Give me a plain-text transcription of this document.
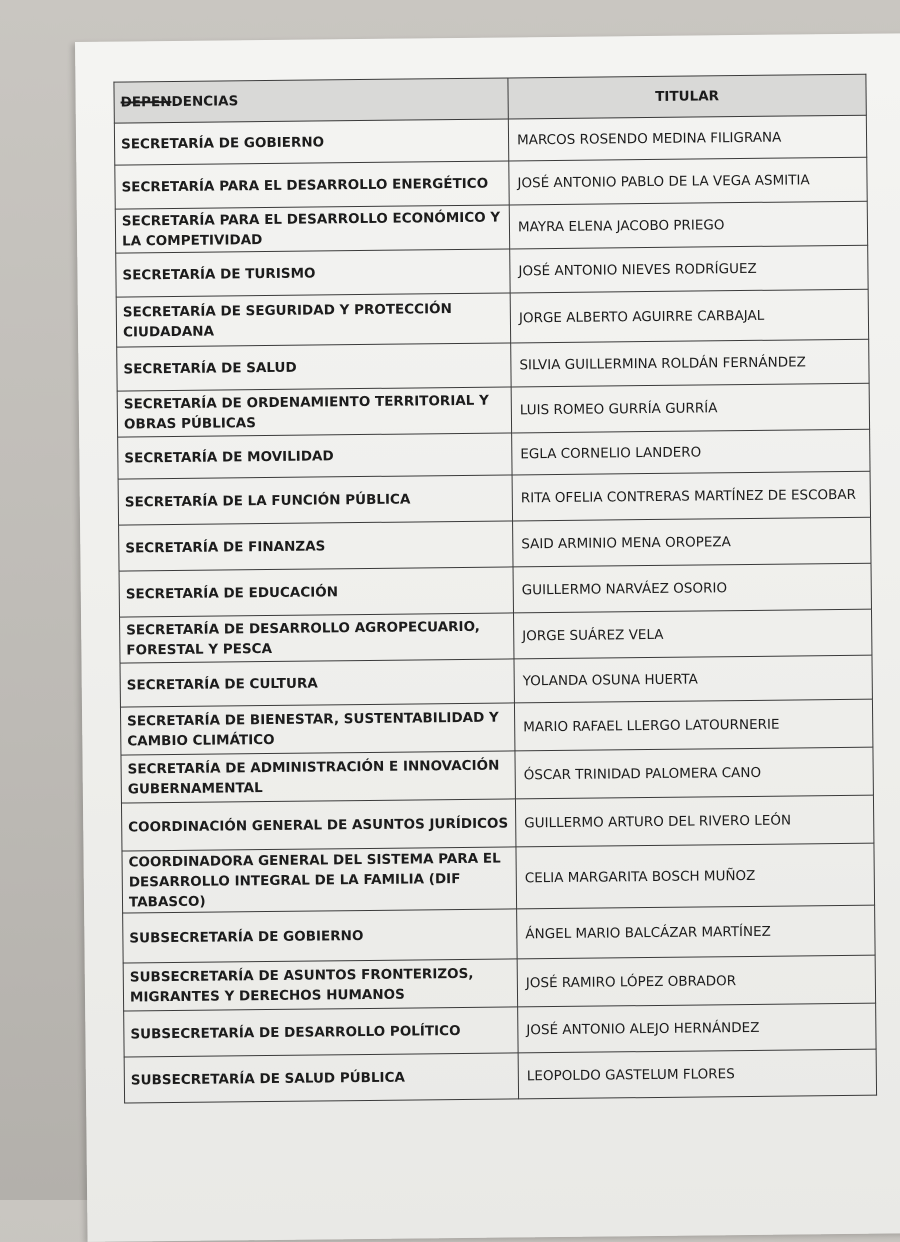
DEPENDENCIAS	TITULAR
SECRETARÍA DE GOBIERNO	MARCOS ROSENDO MEDINA FILIGRANA
SECRETARÍA PARA EL DESARROLLO ENERGÉTICO	JOSÉ ANTONIO PABLO DE LA VEGA ASMITIA
SECRETARÍA PARA EL DESARROLLO ECONÓMICO Y LA COMPETIVIDAD	MAYRA ELENA JACOBO PRIEGO
SECRETARÍA DE TURISMO	JOSÉ ANTONIO NIEVES RODRÍGUEZ
SECRETARÍA DE SEGURIDAD Y PROTECCIÓN CIUDADANA	JORGE ALBERTO AGUIRRE CARBAJAL
SECRETARÍA DE SALUD	SILVIA GUILLERMINA ROLDÁN FERNÁNDEZ
SECRETARÍA DE ORDENAMIENTO TERRITORIAL Y OBRAS PÚBLICAS	LUIS ROMEO GURRÍA GURRÍA
SECRETARÍA DE MOVILIDAD	EGLA CORNELIO LANDERO
SECRETARÍA DE LA FUNCIÓN PÚBLICA	RITA OFELIA CONTRERAS MARTÍNEZ DE ESCOBAR
SECRETARÍA DE FINANZAS	SAID ARMINIO MENA OROPEZA
SECRETARÍA DE EDUCACIÓN	GUILLERMO NARVÁEZ OSORIO
SECRETARÍA DE DESARROLLO AGROPECUARIO, FORESTAL Y PESCA	JORGE SUÁREZ VELA
SECRETARÍA DE CULTURA	YOLANDA OSUNA HUERTA
SECRETARÍA DE BIENESTAR, SUSTENTABILIDAD Y CAMBIO CLIMÁTICO	MARIO RAFAEL LLERGO LATOURNERIE
SECRETARÍA DE ADMINISTRACIÓN E INNOVACIÓN GUBERNAMENTAL	ÓSCAR TRINIDAD PALOMERA CANO
COORDINACIÓN GENERAL DE ASUNTOS JURÍDICOS	GUILLERMO ARTURO DEL RIVERO LEÓN
COORDINADORA GENERAL DEL SISTEMA PARA EL DESARROLLO INTEGRAL DE LA FAMILIA (DIF TABASCO)	CELIA MARGARITA BOSCH MUÑOZ
SUBSECRETARÍA DE GOBIERNO	ÁNGEL MARIO BALCÁZAR MARTÍNEZ
SUBSECRETARÍA DE ASUNTOS FRONTERIZOS, MIGRANTES Y DERECHOS HUMANOS	JOSÉ RAMIRO LÓPEZ OBRADOR
SUBSECRETARÍA DE DESARROLLO POLÍTICO	JOSÉ ANTONIO ALEJO HERNÁNDEZ
SUBSECRETARÍA DE SALUD PÚBLICA	LEOPOLDO GASTELUM FLORES
